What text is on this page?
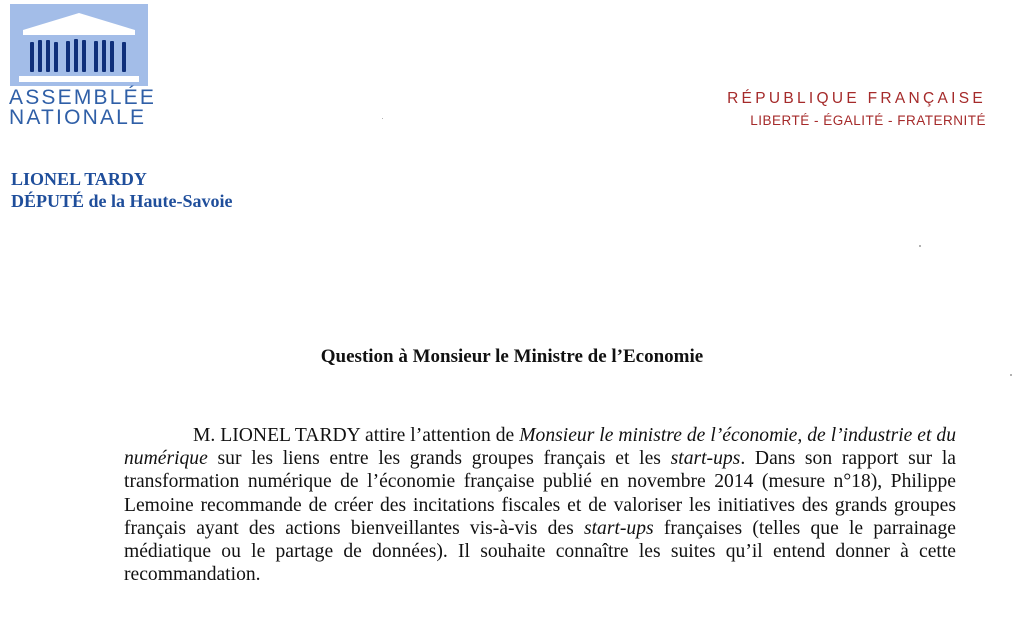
ASSEMBLÉE
NATIONALE
RÉPUBLIQUE FRANÇAISE
LIBERTÉ - ÉGALITÉ - FRATERNITÉ
LIONEL TARDY
DÉPUTÉ de la Haute-Savoie
Question à Monsieur le Ministre de l’Economie
M. LIONEL TARDY attire l’attention de Monsieur le ministre de l’économie, de l’industrie et du numérique sur les liens entre les grands groupes français et les start-ups. Dans son rapport sur la transformation numérique de l’économie française publié en novembre 2014 (mesure n°18), Philippe Lemoine recommande de créer des incitations fiscales et de valoriser les initiatives des grands groupes français ayant des actions bienveillantes vis-à-vis des start-ups françaises (telles que le parrainage médiatique ou le partage de données). Il souhaite connaître les suites qu’il entend donner à cette recommandation.
